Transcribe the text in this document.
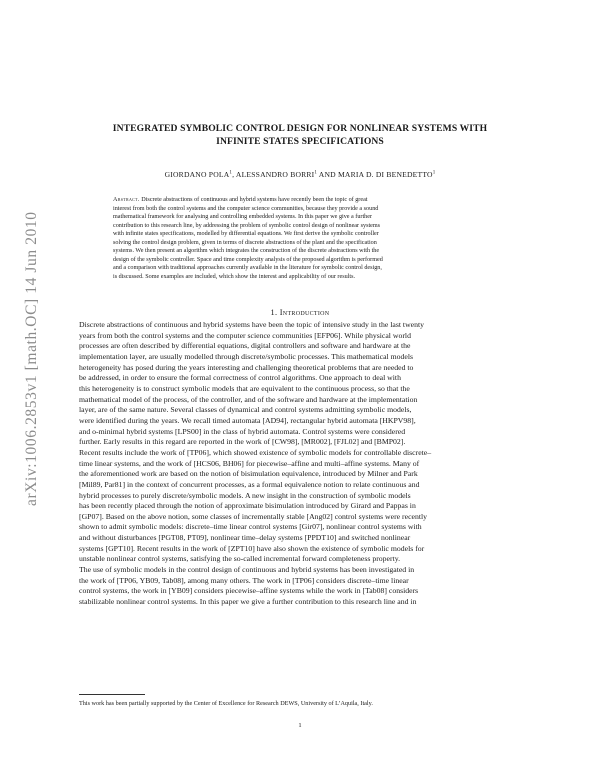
arXiv:1006.2853v1 [math.OC] 14 Jun 2010
INTEGRATED SYMBOLIC CONTROL DESIGN FOR NONLINEAR SYSTEMS WITH
INFINITE STATES SPECIFICATIONS
GIORDANO POLA$^1$, ALESSANDRO BORRI$^1$ AND MARIA D. DI BENEDETTO$^1$
Abstract. Discrete abstractions of continuous and hybrid systems have recently been the topic of great
interest from both the control systems and the computer science communities, because they provide a sound
mathematical framework for analysing and controlling embedded systems. In this paper we give a further
contribution to this research line, by addressing the problem of symbolic control design of nonlinear systems
with infinite states specifications, modelled by differential equations. We first derive the symbolic controller
solving the control design problem, given in terms of discrete abstractions of the plant and the specification
systems. We then present an algorithm which integrates the construction of the discrete abstractions with the
design of the symbolic controller. Space and time complexity analysis of the proposed algorithm is performed
and a comparison with traditional approaches currently available in the literature for symbolic control design,
is discussed. Some examples are included, which show the interest and applicability of our results.
1. Introduction
Discrete abstractions of continuous and hybrid systems have been the topic of intensive study in the last twenty
years from both the control systems and the computer science communities [EFP06]. While physical world
processes are often described by differential equations, digital controllers and software and hardware at the
implementation layer, are usually modelled through discrete/symbolic processes. This mathematical models
heterogeneity has posed during the years interesting and challenging theoretical problems that are needed to
be addressed, in order to ensure the formal correctness of control algorithms. One approach to deal with
this heterogeneity is to construct symbolic models that are equivalent to the continuous process, so that the
mathematical model of the process, of the controller, and of the software and hardware at the implementation
layer, are of the same nature. Several classes of dynamical and control systems admitting symbolic models,
were identified during the years. We recall timed automata [AD94], rectangular hybrid automata [HKPV98],
and o-minimal hybrid systems [LPS00] in the class of hybrid automata. Control systems were considered
further. Early results in this regard are reported in the work of [CW98], [MR002], [FJL02] and [BMP02].
Recent results include the work of [TP06], which showed existence of symbolic models for controllable discrete–
time linear systems, and the work of [HCS06, BH06] for piecewise–affine and multi–affine systems. Many of
the aforementioned work are based on the notion of bisimulation equivalence, introduced by Milner and Park
[Mil89, Par81] in the context of concurrent processes, as a formal equivalence notion to relate continuous and
hybrid processes to purely discrete/symbolic models. A new insight in the construction of symbolic models
has been recently placed through the notion of approximate bisimulation introduced by Girard and Pappas in
[GP07]. Based on the above notion, some classes of incrementally stable [Ang02] control systems were recently
shown to admit symbolic models: discrete–time linear control systems [Gir07], nonlinear control systems with
and without disturbances [PGT08, PT09], nonlinear time–delay systems [PPDT10] and switched nonlinear
systems [GPT10]. Recent results in the work of [ZPT10] have also shown the existence of symbolic models for
unstable nonlinear control systems, satisfying the so-called incremental forward completeness property.
The use of symbolic models in the control design of continuous and hybrid systems has been investigated in
the work of [TP06, YB09, Tab08], among many others. The work in [TP06] considers discrete–time linear
control systems, the work in [YB09] considers piecewise–affine systems while the work in [Tab08] considers
stabilizable nonlinear control systems. In this paper we give a further contribution to this research line and in
This work has been partially supported by the Center of Excellence for Research DEWS, University of L’Aquila, Italy.
1
